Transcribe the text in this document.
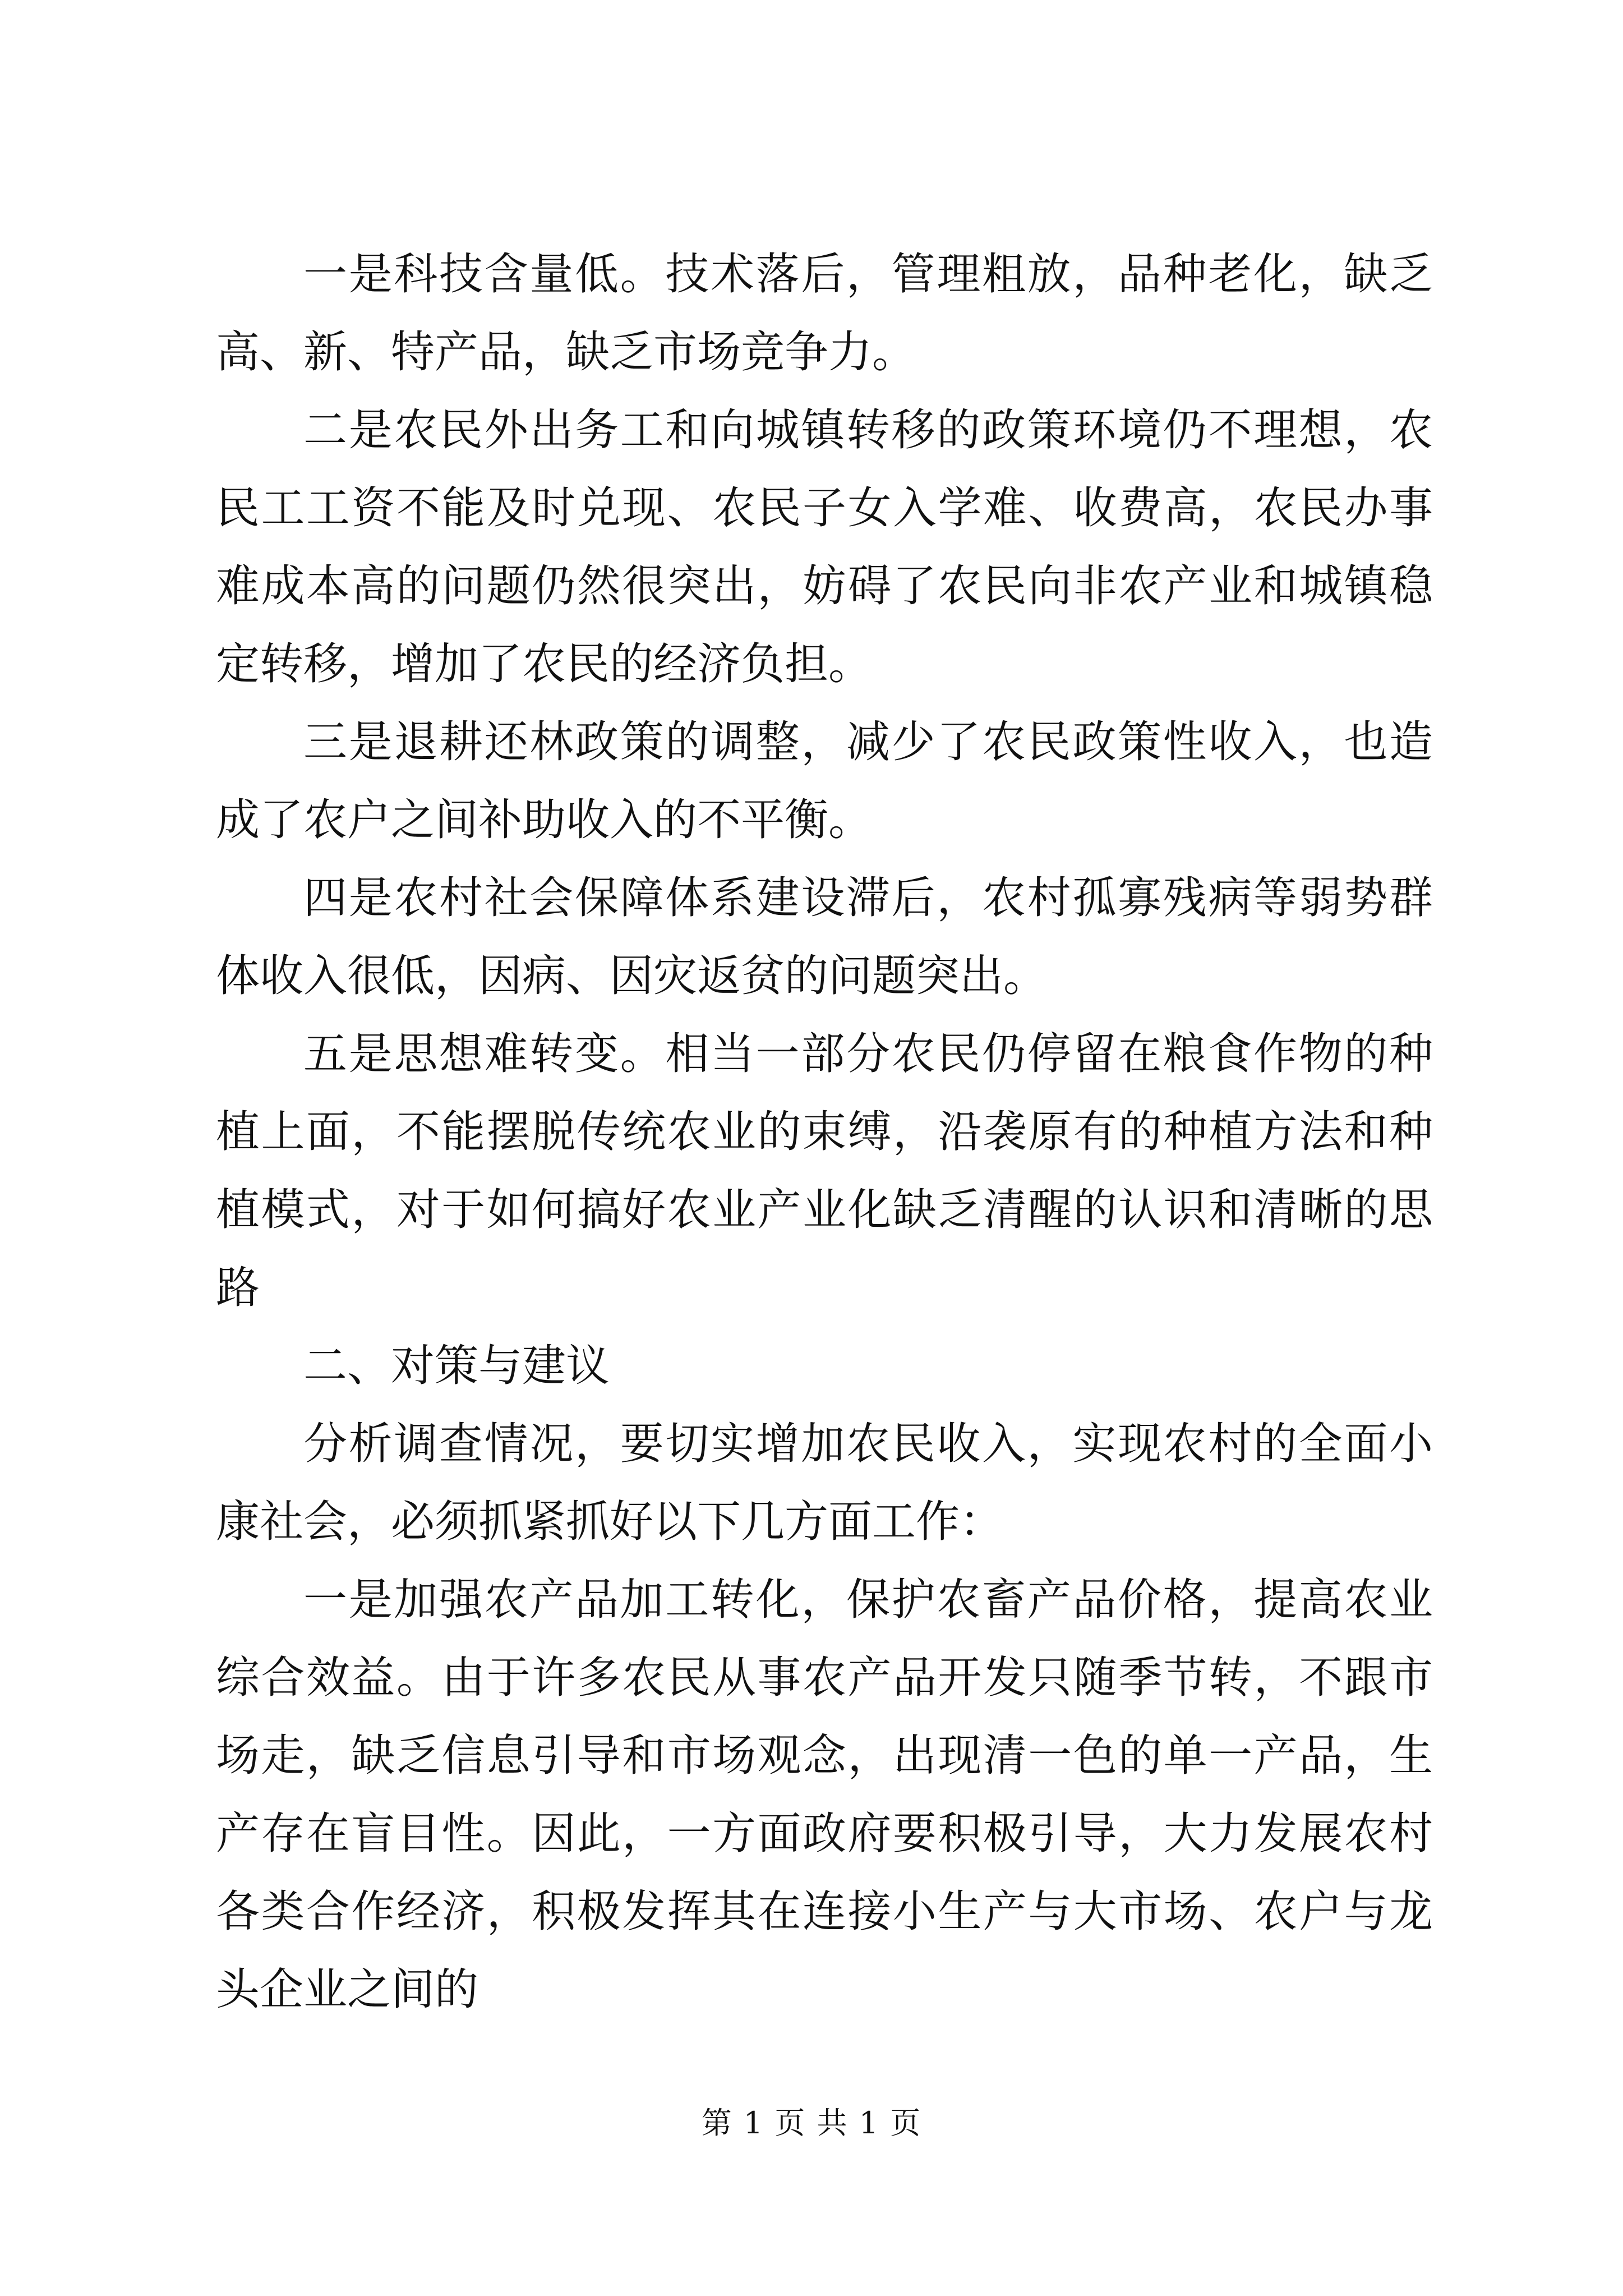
一是科技含量低。技术落后，管理粗放，品种老化，缺乏高、新、特产品，缺乏市场竞争力。

二是农民外出务工和向城镇转移的政策环境仍不理想，农民工工资不能及时兑现、农民子女入学难、收费高，农民办事难成本高的问题仍然很突出，妨碍了农民向非农产业和城镇稳定转移，增加了农民的经济负担。

三是退耕还林政策的调整，减少了农民政策性收入，也造成了农户之间补助收入的不平衡。

四是农村社会保障体系建设滞后，农村孤寡残病等弱势群体收入很低，因病、因灾返贫的问题突出。

五是思想难转变。相当一部分农民仍停留在粮食作物的种植上面，不能摆脱传统农业的束缚，沿袭原有的种植方法和种植模式，对于如何搞好农业产业化缺乏清醒的认识和清晰的思路

二、对策与建议

分析调查情况，要切实增加农民收入，实现农村的全面小康社会，必须抓紧抓好以下几方面工作：

一是加强农产品加工转化，保护农畜产品价格，提高农业综合效益。由于许多农民从事农产品开发只随季节转，不跟市场走，缺乏信息引导和市场观念，出现清一色的单一产品，生产存在盲目性。因此，一方面政府要积极引导，大力发展农村各类合作经济，积极发挥其在连接小生产与大市场、农户与龙头企业之间的

第 1 页 共 1 页
